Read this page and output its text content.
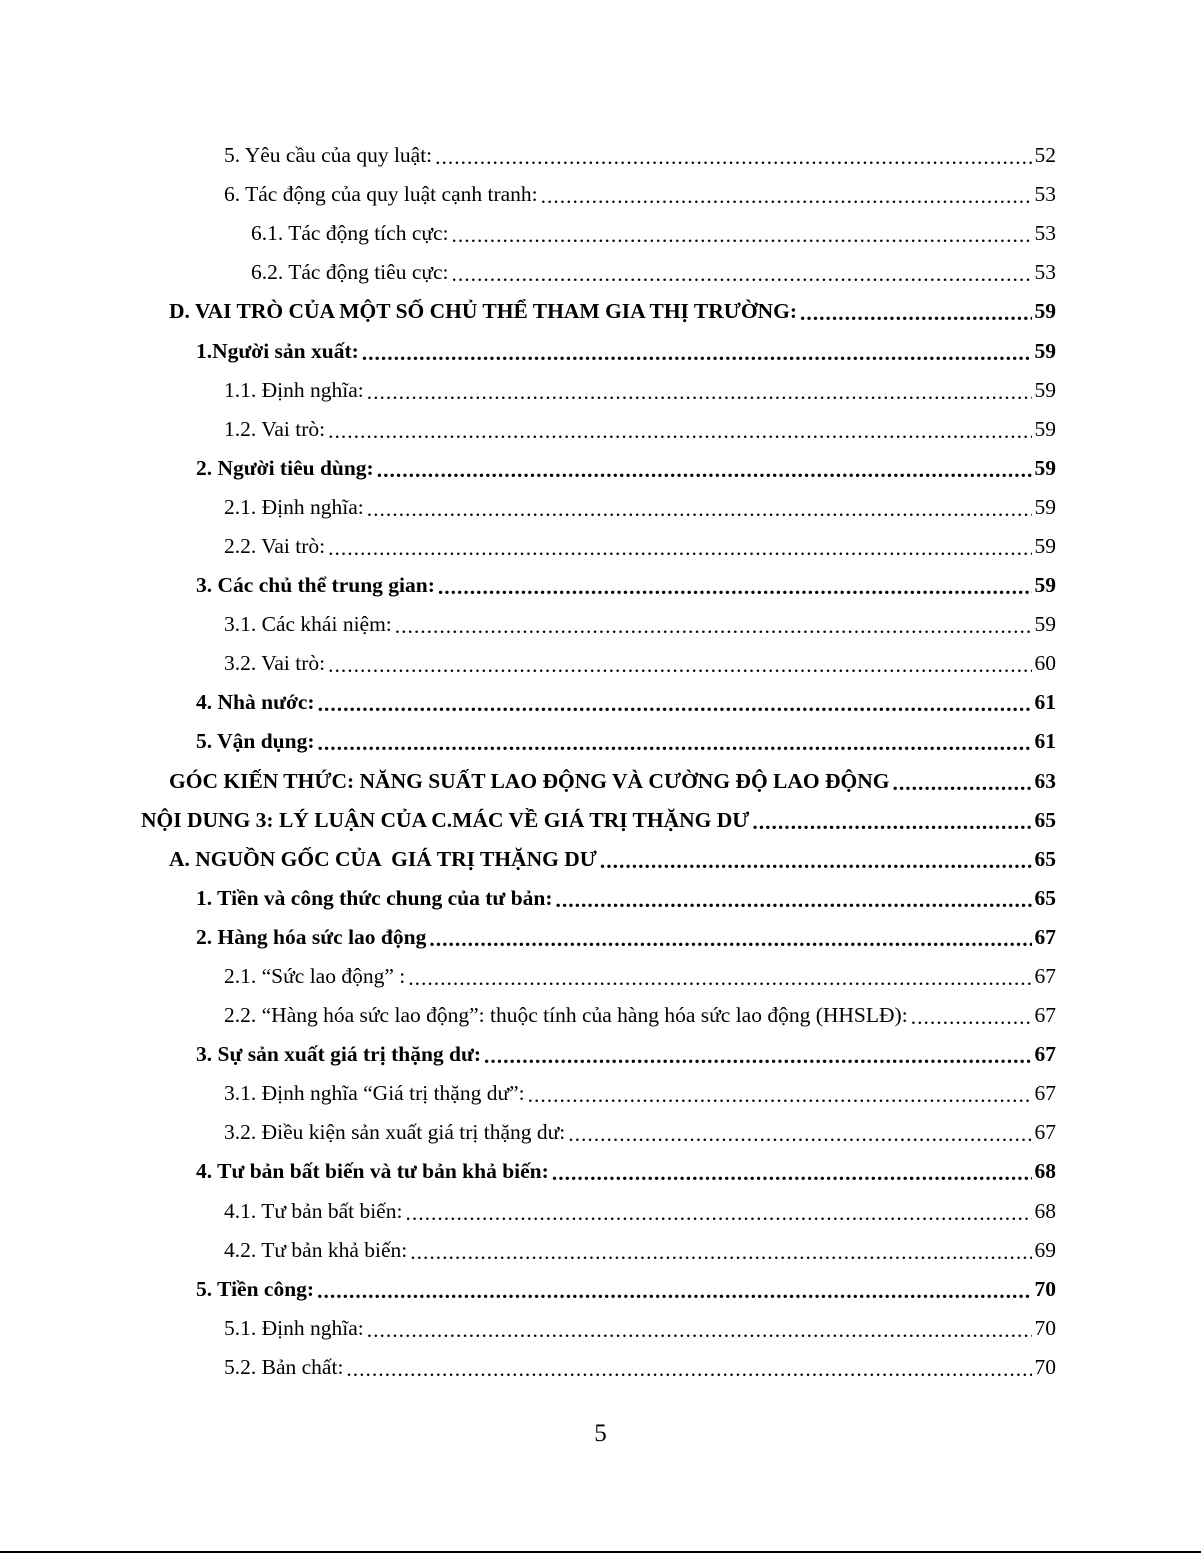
5. Yêu cầu của quy luật: .....	52
6. Tác động của quy luật cạnh tranh: .....	53
6.1. Tác động tích cực: .....	53
6.2. Tác động tiêu cực: .....	53
D. VAI TRÒ CỦA MỘT SỐ CHỦ THỂ THAM GIA THỊ TRƯỜNG: .....	59
1.Người sản xuất: .....	59
1.1. Định nghĩa: .....	59
1.2. Vai trò: .....	59
2. Người tiêu dùng: .....	59
2.1. Định nghĩa: .....	59
2.2. Vai trò: .....	59
3. Các chủ thể trung gian: .....	59
3.1. Các khái niệm: .....	59
3.2. Vai trò: .....	60
4. Nhà nước: .....	61
5. Vận dụng: .....	61
GÓC KIẾN THỨC: NĂNG SUẤT LAO ĐỘNG VÀ CƯỜNG ĐỘ LAO ĐỘNG .....	63
NỘI DUNG 3: LÝ LUẬN CỦA C.MÁC VỀ GIÁ TRỊ THẶNG DƯ .....	65
A. NGUỒN GỐC CỦA  GIÁ TRỊ THẶNG DƯ .....	65
1. Tiền và công thức chung của tư bản: .....	65
2. Hàng hóa sức lao động .....	67
2.1. “Sức lao động” : .....	67
2.2. “Hàng hóa sức lao động”: thuộc tính của hàng hóa sức lao động (HHSLĐ): .....	67
3. Sự sản xuất giá trị thặng dư: .....	67
3.1. Định nghĩa “Giá trị thặng dư”: .....	67
3.2. Điều kiện sản xuất giá trị thặng dư: .....	67
4. Tư bản bất biến và tư bản khả biến: .....	68
4.1. Tư bản bất biến: .....	68
4.2. Tư bản khả biến: .....	69
5. Tiền công: .....	70
5.1. Định nghĩa: .....	70
5.2. Bản chất: .....	70
5
